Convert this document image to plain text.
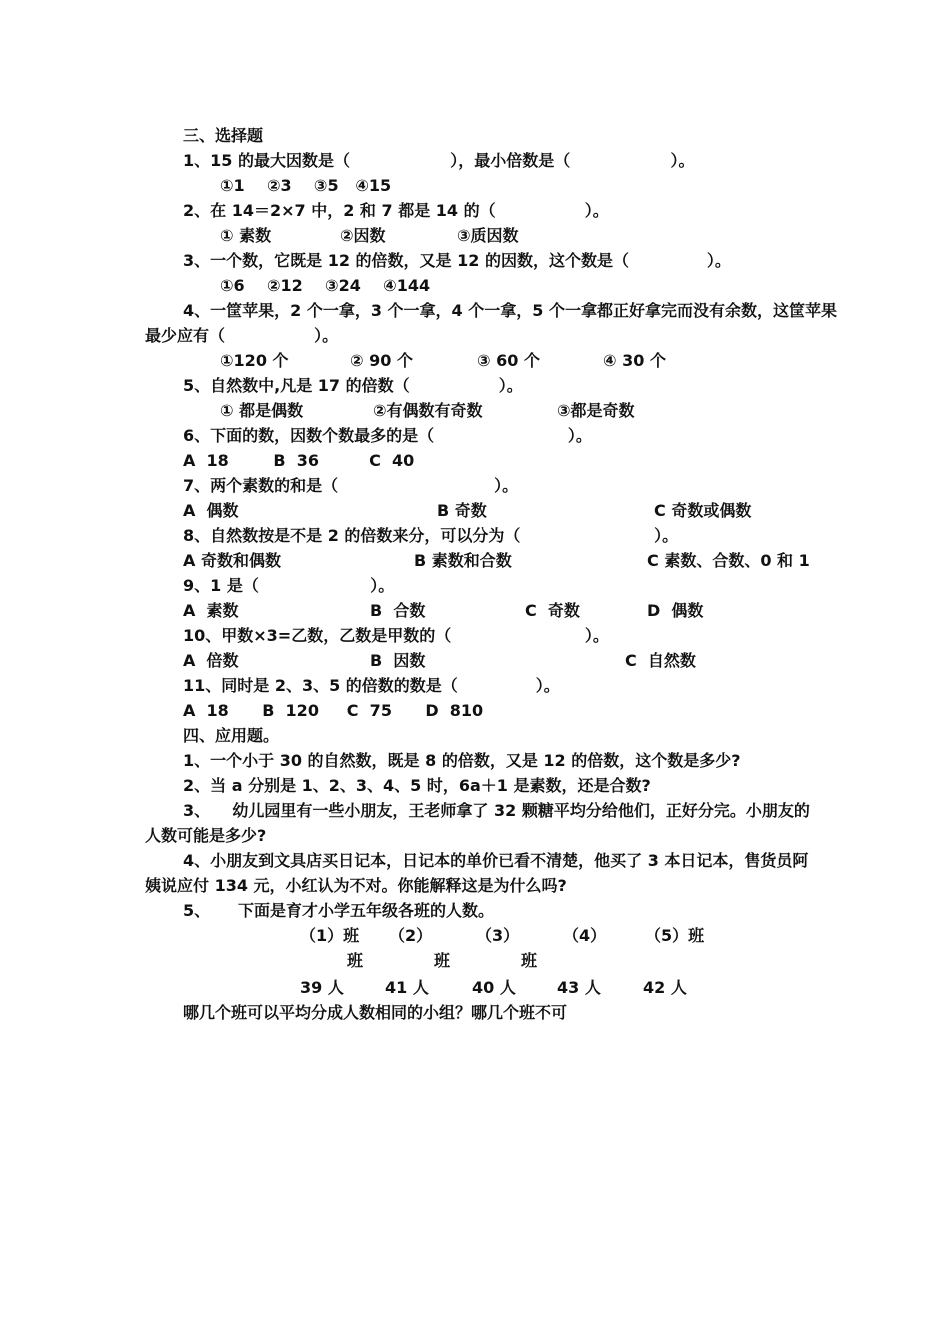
三、选择题
1、15 的最大因数是（                  ），最小倍数是（                  ）。
①1    ②3    ③5   ④15
2、在 14＝2×7 中，2 和 7 都是 14 的（                ）。
① 素数	②因数	③质因数
3、一个数，它既是 12 的倍数，又是 12 的因数，这个数是（              ）。
①6    ②12    ③24    ④144
4、一筐苹果，2 个一拿，3 个一拿，4 个一拿，5 个一拿都正好拿完而没有余数，这筐苹果
最少应有（                ）。
①120 个	② 90 个	③ 60 个	④ 30 个
5、自然数中,凡是 17 的倍数（                ）。
① 都是偶数	②有偶数有奇数	③都是奇数
6、下面的数，因数个数最多的是（                        ）。
A  18        B  36         C  40
7、两个素数的和是（                            ）。
A  偶数	B 奇数	C 奇数或偶数
8、自然数按是不是 2 的倍数来分，可以分为（                        ）。
A 奇数和偶数	B 素数和合数	C 素数、合数、0 和 1
9、1 是（                    ）。
A  素数	B  合数	C  奇数	D  偶数
10、甲数×3=乙数，乙数是甲数的（                        ）。
A  倍数	B  因数	C  自然数
11、同时是 2、3、5 的倍数的数是（              ）。
A  18      B  120     C  75      D  810
四、应用题。
1、一个小于 30 的自然数，既是 8 的倍数，又是 12 的倍数，这个数是多少?
2、当 a 分别是 1、2、3、4、5 时，6a＋1 是素数，还是合数?
3、    幼儿园里有一些小朋友，王老师拿了 32 颗糖平均分给他们，正好分完。小朋友的
人数可能是多少?
4、小朋友到文具店买日记本，日记本的单价已看不清楚，他买了 3 本日记本，售货员阿
姨说应付 134 元，小红认为不对。你能解释这是为什么吗?
5、     下面是育才小学五年级各班的人数。
（1）班 （2）	（3）	（4） （5）班
班	班	班
39 人	41 人	40 人	43 人	42 人
哪几个班可以平均分成人数相同的小组？哪几个班不可
